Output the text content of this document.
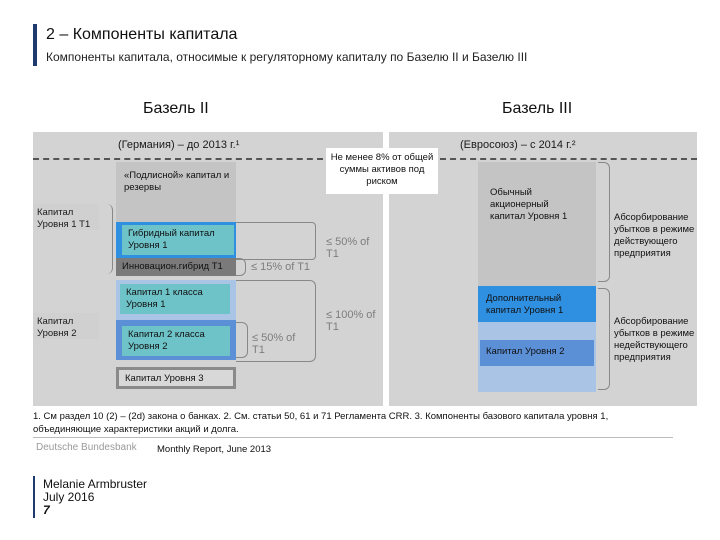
2 – Компоненты капитала
Компоненты капитала, относимые к регуляторному капиталу по Базелю II и Базелю III
Базель II	Базель III
(Германия) – до 2013 г.¹	(Евросоюз) – с 2014 г.²
Не менее 8% от общей суммы активов под риском
«Подлисной» капитал и резервы
Гибридный капитал Уровня 1
Инновацион.гибрид Т1
Капитал 1 класса Уровня 1
Капитал 2 класса Уровня 2
Капитал Уровня 3
Капитал Уровня 1 Т1
Капитал Уровня 2
≤ 50% of T1
≤ 15% of T1
≤ 100% of T1
≤ 50% of T1
Обычный акционерный капитал Уровня 1
Дополнительный капитал Уровня 1
Капитал Уровня 2
Абсорбирование убытков в режиме действующего предприятия
Абсорбирование убытков в режиме недействующего предприятия
1. См раздел 10 (2) – (2d) закона о банках. 2. См. статьи 50, 61 и 71 Регламента CRR. 3. Компоненты базового капитала уровня 1, объединяющие характеристики акций и долга.
Deutsche Bundesbank Monthly Report, June 2013
Melanie Armbruster
July 2016
7
